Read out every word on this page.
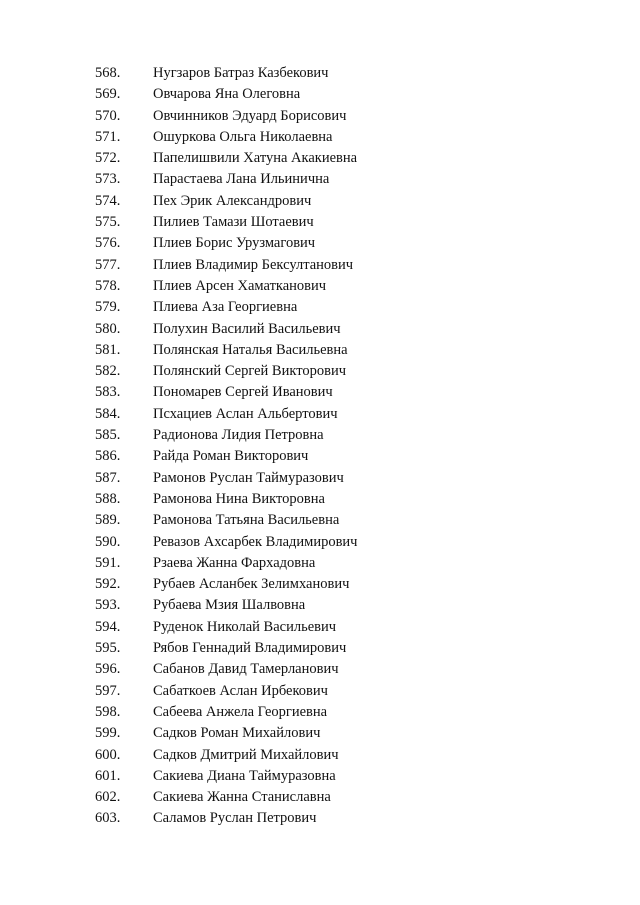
568. Нугзаров Батраз Казбекович
569. Овчарова Яна Олеговна
570. Овчинников Эдуард Борисович
571. Ошуркова Ольга Николаевна
572. Папелишвили Хатуна Акакиевна
573. Парастаева Лана Ильинична
574. Пех Эрик Александрович
575. Пилиев Тамази Шотаевич
576. Плиев Борис Урузмагович
577. Плиев Владимир Бексултанович
578. Плиев Арсен Хаматканович
579. Плиева Аза Георгиевна
580. Полухин Василий Васильевич
581. Полянская Наталья Васильевна
582. Полянский Сергей Викторович
583. Пономарев Сергей Иванович
584. Псхациев Аслан Альбертович
585. Радионова Лидия Петровна
586. Райда Роман Викторович
587. Рамонов Руслан Таймуразович
588. Рамонова Нина Викторовна
589. Рамонова Татьяна Васильевна
590. Ревазов Ахсарбек Владимирович
591. Рзаева Жанна Фархадовна
592. Рубаев Асланбек Зелимханович
593. Рубаева Мзия Шалвовна
594. Руденок Николай Васильевич
595. Рябов Геннадий Владимирович
596. Сабанов Давид Тамерланович
597. Сабаткоев Аслан Ирбекович
598. Сабеева Анжела Георгиевна
599. Садков Роман Михайлович
600. Садков Дмитрий Михайлович
601. Сакиева Диана Таймуразовна
602. Сакиева Жанна Станиславна
603. Саламов Руслан Петрович
